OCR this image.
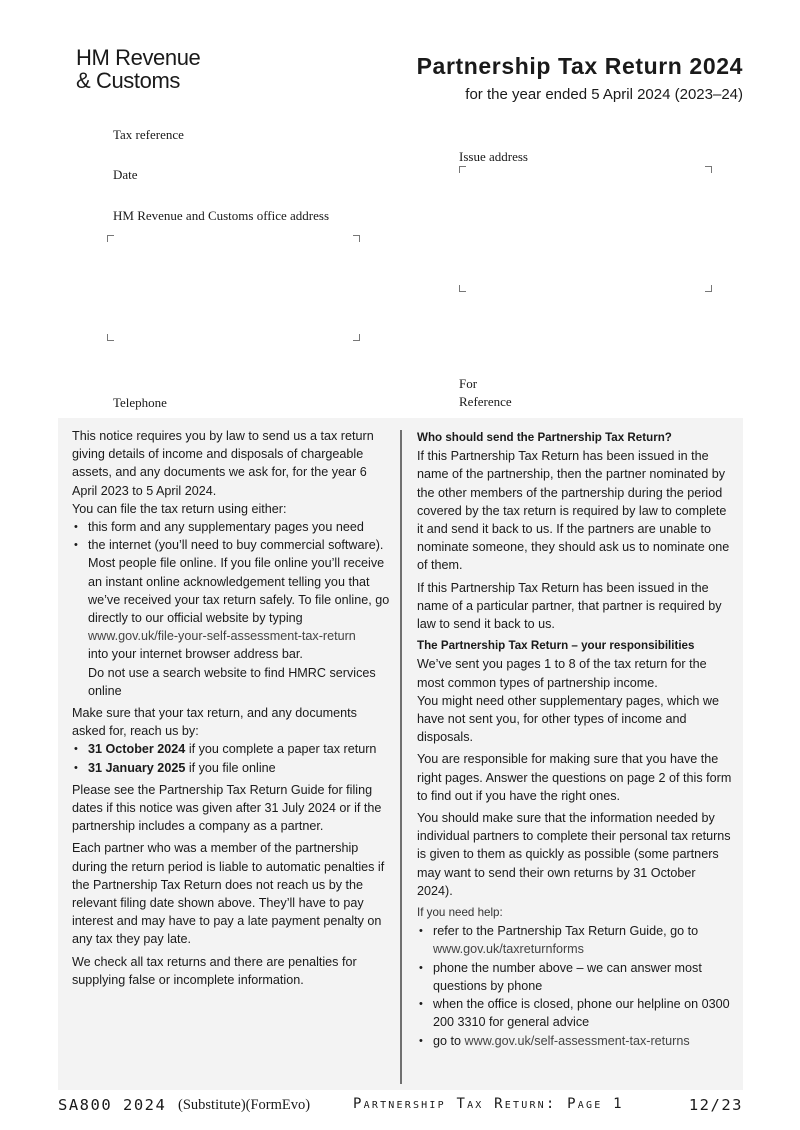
HM Revenue
& Customs
Partnership Tax Return 2024
for the year ended 5 April 2024 (2023–24)
Tax reference
Date
HM Revenue and Customs office address
Telephone
Issue address
For
Reference

This notice requires you by law to send us a tax return giving details of income and disposals of chargeable assets, and any documents we ask for, for the year 6 April 2023 to 5 April 2024.

You can file the tax return using either:

• this form and any supplementary pages you need
• the internet (you’ll need to buy commercial software). Most people file online. If you file online you’ll receive an instant online acknowledgement telling you that we’ve received your tax return safely. To file online, go directly to our official website by typing
www.gov.uk/file-your-self-assessment-tax-return
into your internet browser address bar.
Do not use a search website to find HMRC services online

Make sure that your tax return, and any documents asked for, reach us by:

• 31 October 2024 if you complete a paper tax return
• 31 January 2025 if you file online

Please see the Partnership Tax Return Guide for filing dates if this notice was given after 31 July 2024 or if the partnership includes a company as a partner.

Each partner who was a member of the partnership during the return period is liable to automatic penalties if the Partnership Tax Return does not reach us by the relevant filing date shown above. They’ll have to pay interest and may have to pay a late payment penalty on any tax they pay late.

We check all tax returns and there are penalties for supplying false or incomplete information.

Who should send the Partnership Tax Return?

If this Partnership Tax Return has been issued in the name of the partnership, then the partner nominated by the other members of the partnership during the period covered by the tax return is required by law to complete it and send it back to us. If the partners are unable to nominate someone, they should ask us to nominate one of them.

If this Partnership Tax Return has been issued in the name of a particular partner, that partner is required by law to send it back to us.

The Partnership Tax Return – your responsibilities

We’ve sent you pages 1 to 8 of the tax return for the most common types of partnership income.

You might need other supplementary pages, which we have not sent you, for other types of income and disposals.

You are responsible for making sure that you have the right pages. Answer the questions on page 2 of this form to find out if you have the right ones.

You should make sure that the information needed by individual partners to complete their personal tax returns is given to them as quickly as possible (some partners may want to send their own returns by 31 October 2024).

If you need help:

• refer to the Partnership Tax Return Guide, go to www.gov.uk/taxreturnforms
• phone the number above – we can answer most questions by phone
• when the office is closed, phone our helpline on 0300 200 3310 for general advice
• go to www.gov.uk/self-assessment-tax-returns
SA800 2024 (Substitute)(FormEvo)	Partnership Tax Return: Page 1	12/23
